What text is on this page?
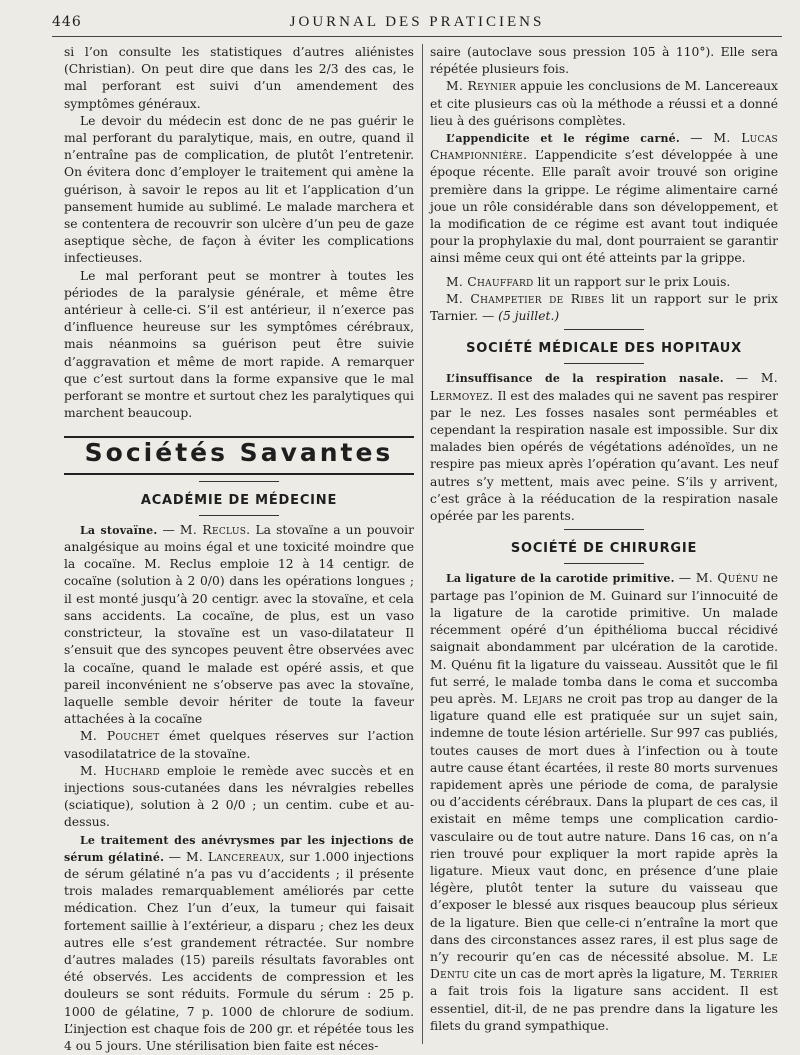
446	JOURNAL DES PRATICIENS

si l’on consulte les statistiques d’autres aliénistes (Christian). On peut dire que dans les 2/3 des cas, le mal perforant est suivi d’un amendement des symptômes généraux.

Le devoir du médecin est donc de ne pas guérir le mal perforant du paralytique, mais, en outre, quand il n’entraîne pas de complication, de plutôt l’entretenir. On évitera donc d’employer le traitement qui amène la guérison, à savoir le repos au lit et l’application d’un pansement humide au sublimé. Le malade marchera et se contentera de recouvrir son ulcère d’un peu de gaze aseptique sèche, de façon à éviter les complications infectieuses.

Le mal perforant peut se montrer à toutes les périodes de la paralysie générale, et même être antérieur à celle-ci. S’il est antérieur, il n’exerce pas d’influence heureuse sur les symptômes cérébraux, mais néanmoins sa guérison peut être suivie d’aggravation et même de mort rapide. A remarquer que c’est surtout dans la forme expansive que le mal perforant se montre et surtout chez les paralytiques qui marchent beaucoup.

Sociétés Savantes
ACADÉMIE DE MÉDECINE

La stovaïne. — M. Reclus. La stovaïne a un pouvoir analgésique au moins égal et une toxicité moindre que la cocaïne. M. Reclus emploie 12 à 14 centigr. de cocaïne (solution à 2 0/0) dans les opérations longues ; il est monté jusqu’à 20 centigr. avec la stovaïne, et cela sans accidents. La cocaïne, de plus, est un vaso constricteur, la stovaïne est un vaso-dilatateur Il s’ensuit que des syncopes peuvent être observées avec la cocaïne, quand le malade est opéré assis, et que pareil inconvénient ne s’observe pas avec la stovaïne, laquelle semble devoir hériter de toute la faveur attachées à la cocaïne

M. Pouchet émet quelques réserves sur l’action vasodilatatrice de la stovaïne.

M. Huchard emploie le remède avec succès et en injections sous-cutanées dans les névralgies rebelles (sciatique), solution à 2 0/0 ; un centim. cube et au-dessus.

Le traitement des anévrysmes par les injections de sérum gélatiné. — M. Lancereaux, sur 1.000 injections de sérum gélatiné n’a pas vu d’accidents ; il présente trois malades remarquablement améliorés par cette médication. Chez l’un d’eux, la tumeur qui faisait fortement saillie à l’extérieur, a disparu ; chez les deux autres elle s’est grandement rétractée. Sur nombre d’autres malades (15) pareils résultats favorables ont été observés. Les accidents de compression et les douleurs se sont réduits. Formule du sérum : 25 p. 1000 de gélatine, 7 p. 1000 de chlorure de sodium. L’injection est chaque fois de 200 gr. et répétée tous les 4 ou 5 jours. Une stérilisation bien faite est néces-

saire (autoclave sous pression 105 à 110°). Elle sera répétée plusieurs fois.

M. Reynier appuie les conclusions de M. Lancereaux et cite plusieurs cas où la méthode a réussi et a donné lieu à des guérisons complètes.

L’appendicite et le régime carné. — M. Lucas Championnière. L’appendicite s’est développée à une époque récente. Elle paraît avoir trouvé son origine première dans la grippe. Le régime alimentaire carné joue un rôle considérable dans son développement, et la modification de ce régime est avant tout indiquée pour la prophylaxie du mal, dont pourraient se garantir ainsi même ceux qui ont été atteints par la grippe.

M. Chauffard lit un rapport sur le prix Louis.

M. Champetier de Ribes lit un rapport sur le prix Tarnier. — (5 juillet.)

SOCIÉTÉ MÉDICALE DES HOPITAUX

L’insuffisance de la respiration nasale. — M. Lermoyez. Il est des malades qui ne savent pas respirer par le nez. Les fosses nasales sont perméables et cependant la respiration nasale est impossible. Sur dix malades bien opérés de végétations adénoïdes, un ne respire pas mieux après l’opération qu’avant. Les neuf autres s’y mettent, mais avec peine. S’ils y arrivent, c’est grâce à la rééducation de la respiration nasale opérée par les parents.

SOCIÉTÉ DE CHIRURGIE

La ligature de la carotide primitive. — M. Quénu ne partage pas l’opinion de M. Guinard sur l’innocuité de la ligature de la carotide primitive. Un malade récemment opéré d’un épithélioma buccal récidivé saignait abondamment par ulcération de la carotide. M. Quénu fit la ligature du vaisseau. Aussitôt que le fil fut serré, le malade tomba dans le coma et succomba peu après. M. Lejars ne croit pas trop au danger de la ligature quand elle est pratiquée sur un sujet sain, indemne de toute lésion artérielle. Sur 997 cas publiés, toutes causes de mort dues à l’infection ou à toute autre cause étant écartées, il reste 80 morts survenues rapidement après une période de coma, de paralysie ou d’accidents cérébraux. Dans la plupart de ces cas, il existait en même temps une complication cardio-vasculaire ou de tout autre nature. Dans 16 cas, on n’a rien trouvé pour expliquer la mort rapide après la ligature. Mieux vaut donc, en présence d’une plaie légère, plutôt tenter la suture du vaisseau que d’exposer le blessé aux risques beaucoup plus sérieux de la ligature. Bien que celle-ci n’entraîne la mort que dans des circonstances assez rares, il est plus sage de n’y recourir qu’en cas de nécessité absolue. M. Le Dentu cite un cas de mort après la ligature, M. Terrier a fait trois fois la ligature sans accident. Il est essentiel, dit-il, de ne pas prendre dans la ligature les filets du grand sympathique.
